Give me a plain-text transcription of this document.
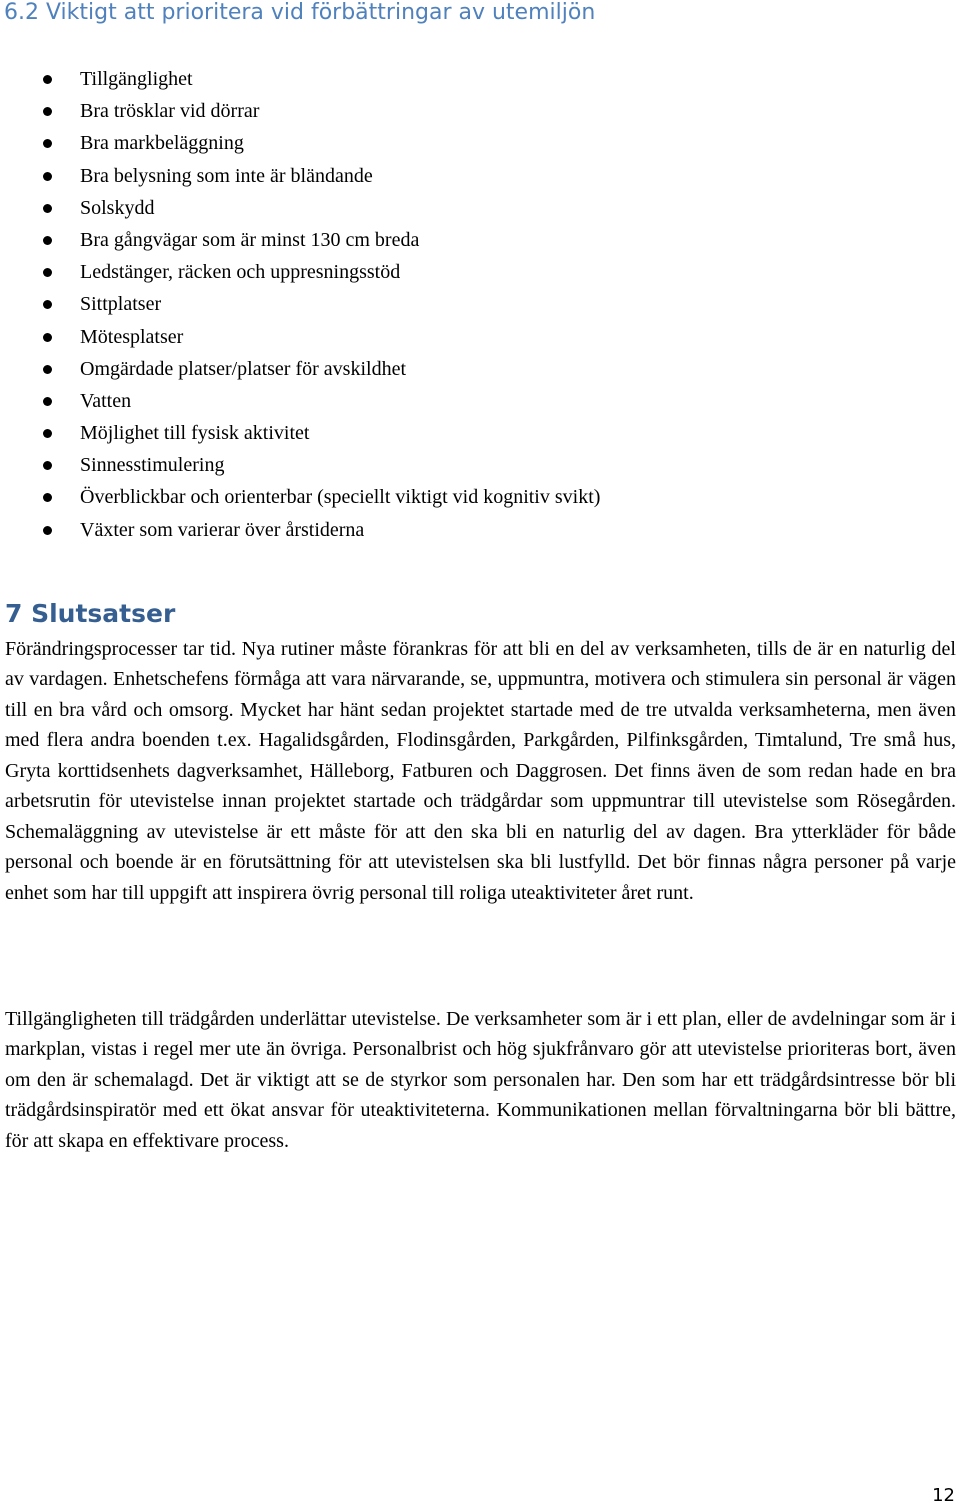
6.2 Viktigt att prioritera vid förbättringar av utemiljön
Tillgänglighet
Bra trösklar vid dörrar
Bra markbeläggning
Bra belysning som inte är bländande
Solskydd
Bra gångvägar som är minst 130 cm breda
Ledstänger, räcken och uppresningsstöd
Sittplatser
Mötesplatser
Omgärdade platser/platser för avskildhet
Vatten
Möjlighet till fysisk aktivitet
Sinnesstimulering
Överblickbar och orienterbar (speciellt viktigt vid kognitiv svikt)
Växter som varierar över årstiderna
7 Slutsatser

Förändringsprocesser tar tid. Nya rutiner måste förankras för att bli en del av verksamheten, tills de är en naturlig del av vardagen. Enhetschefens förmåga att vara närvarande, se, uppmuntra, motivera och stimulera sin personal är vägen till en bra vård och omsorg. Mycket har hänt sedan projektet startade med de tre utvalda verksamheterna, men även med flera andra boenden t.ex. Hagalidsgården, Flodinsgården, Parkgården, Pilfinksgården, Timtalund, Tre små hus, Gryta korttidsenhets dagverksamhet, Hälleborg, Fatburen och Daggrosen. Det finns även de som redan hade en bra arbetsrutin för utevistelse innan projektet startade och trädgårdar som uppmuntrar till utevistelse som Rösegården. Schemaläggning av utevistelse är ett måste för att den ska bli en naturlig del av dagen. Bra ytterkläder för både personal och boende är en förutsättning för att utevistelsen ska bli lustfylld. Det bör finnas några personer på varje enhet som har till uppgift att inspirera övrig personal till roliga uteaktiviteter året runt.

Tillgängligheten till trädgården underlättar utevistelse. De verksamheter som är i ett plan, eller de avdelningar som är i markplan, vistas i regel mer ute än övriga. Personalbrist och hög sjukfrånvaro gör att utevistelse prioriteras bort, även om den är schemalagd. Det är viktigt att se de styrkor som personalen har. Den som har ett trädgårdsintresse bör bli trädgårdsinspiratör med ett ökat ansvar för uteaktiviteterna. Kommunikationen mellan förvaltningarna bör bli bättre, för att skapa en effektivare process.

12
